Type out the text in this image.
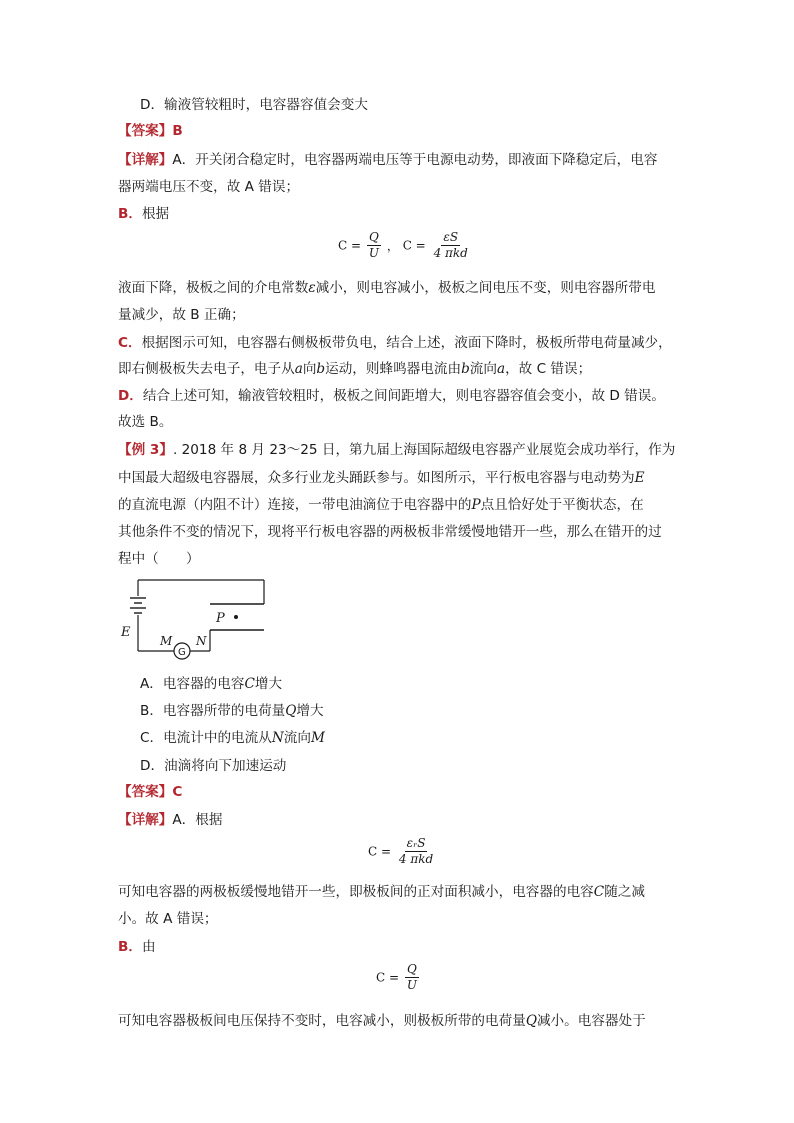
D．输液管较粗时，电容器容值会变大
【答案】B
【详解】A．开关闭合稳定时，电容器两端电压等于电源电动势，即液面下降稳定后，电容
器两端电压不变，故 A 错误；
B．根据
$C = \frac{Q}{U}$ ， $C = \frac{\varepsilon S}{\text{4 πkd}}$
液面下降，极板之间的介电常数ε减小，则电容减小，极板之间电压不变，则电容器所带电
量减少，故 B 正确；
C．根据图示可知，电容器右侧极板带负电，结合上述，液面下降时，极板所带电荷量减少，
即右侧极板失去电子，电子从a向b运动，则蜂鸣器电流由b流向a，故 C 错误；
D．结合上述可知，输液管较粗时，极板之间间距增大，则电容器容值会变小，故 D 错误。
故选 B。
【例 3】. 2018 年 8 月 23～25 日，第九届上海国际超级电容器产业展览会成功举行，作为
中国最大超级电容器展，众多行业龙头踊跃参与。如图所示，平行板电容器与电动势为E
的直流电源（内阻不计）连接，一带电油滴位于电容器中的P点且恰好处于平衡状态，在
其他条件不变的情况下，现将平行板电容器的两极板非常缓慢地错开一些，那么在错开的过
程中（　　）
E
G
M N
P
A．电容器的电容C增大
B．电容器所带的电荷量Q增大
C．电流计中的电流从N流向M
D．油滴将向下加速运动
【答案】C
【详解】A．根据
$C = \frac{\text{εᵣS}}{\text{4 πkd}}$
可知电容器的两极板缓慢地错开一些，即极板间的正对面积减小，电容器的电容C随之减
小。故 A 错误；
B．由
$C = \frac{Q}{U}$
可知电容器极板间电压保持不变时，电容减小，则极板所带的电荷量Q减小。电容器处于
